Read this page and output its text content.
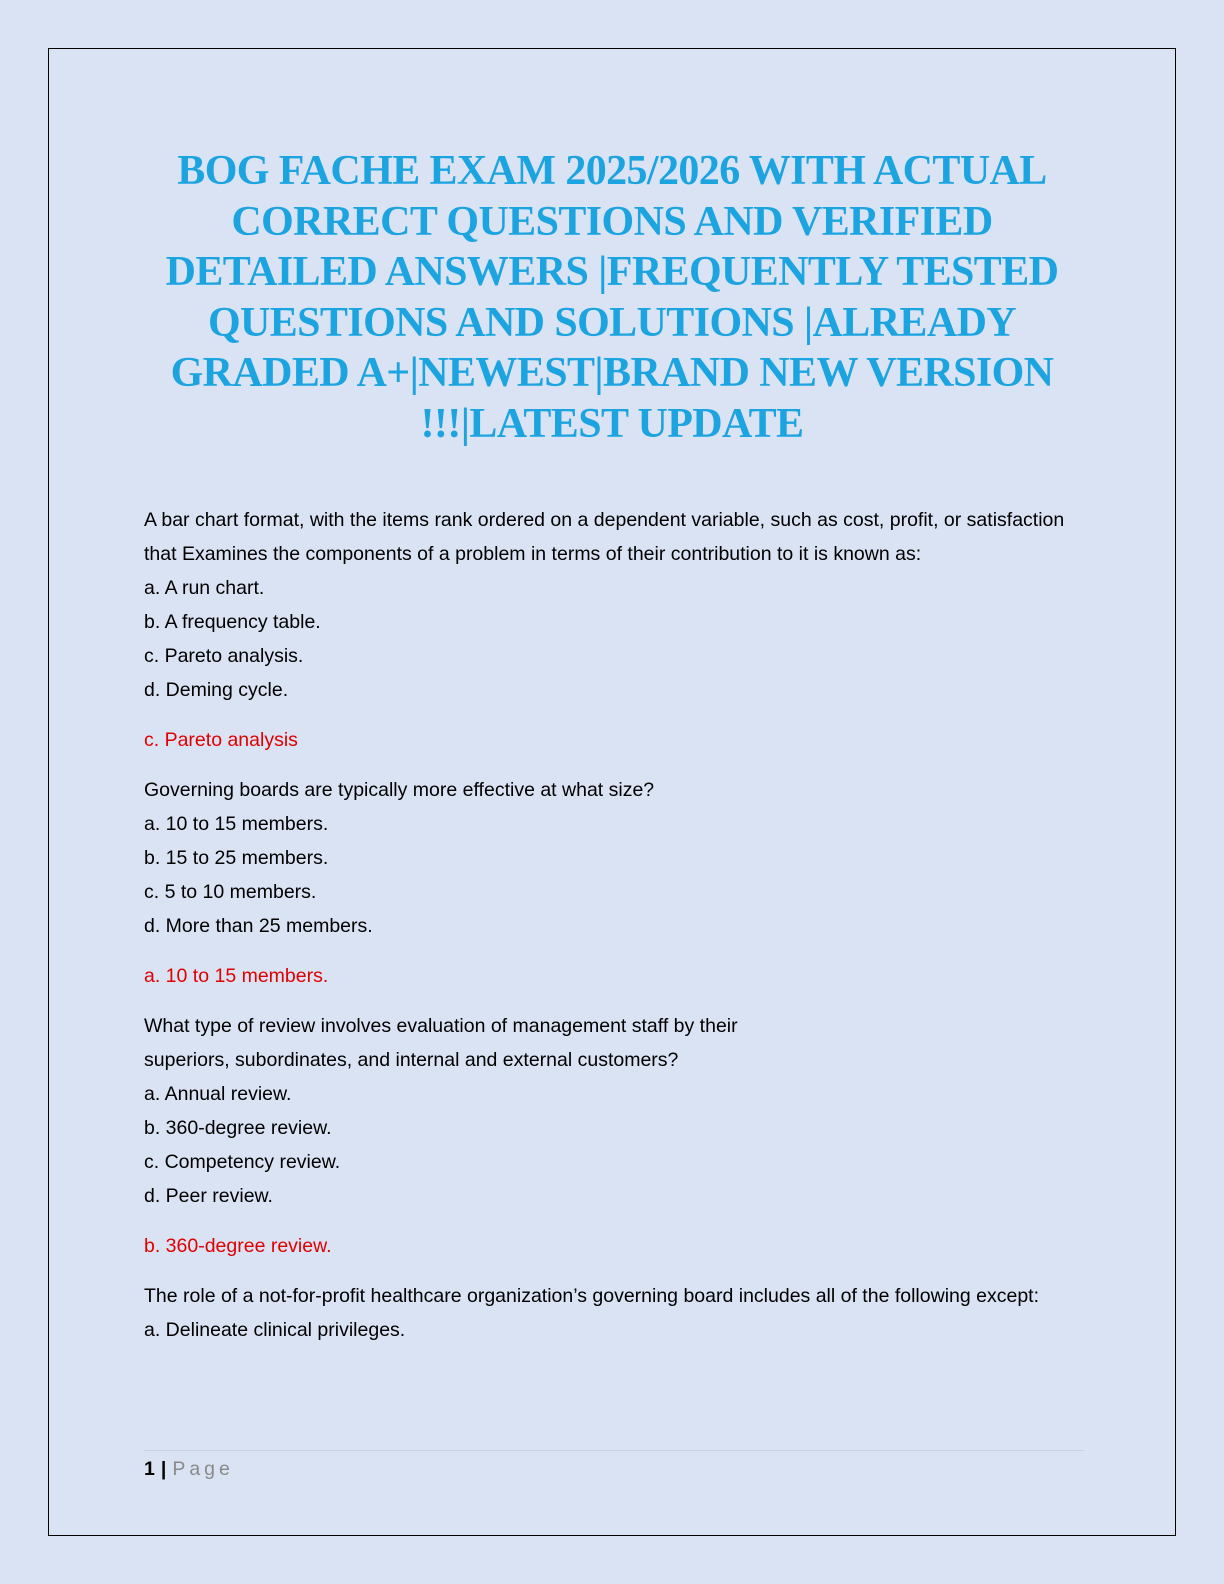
BOG FACHE EXAM 2025/2026 WITH ACTUAL CORRECT QUESTIONS AND VERIFIED DETAILED ANSWERS |FREQUENTLY TESTED QUESTIONS AND SOLUTIONS |ALREADY GRADED A+|NEWEST|BRAND NEW VERSION !!!|LATEST UPDATE
A bar chart format, with the items rank ordered on a dependent variable, such as cost, profit, or satisfaction that Examines the components of a problem in terms of their contribution to it is known as:
a. A run chart.
b. A frequency table.
c. Pareto analysis.
d. Deming cycle.
c. Pareto analysis
Governing boards are typically more effective at what size?
a. 10 to 15 members.
b. 15 to 25 members.
c. 5 to 10 members.
d. More than 25 members.
a. 10 to 15 members.
What type of review involves evaluation of management staff by their
superiors, subordinates, and internal and external customers?
a. Annual review.
b. 360-degree review.
c. Competency review.
d. Peer review.
b. 360-degree review.
The role of a not-for-profit healthcare organization’s governing board includes all of the following except:
a. Delineate clinical privileges.
1 | Page
